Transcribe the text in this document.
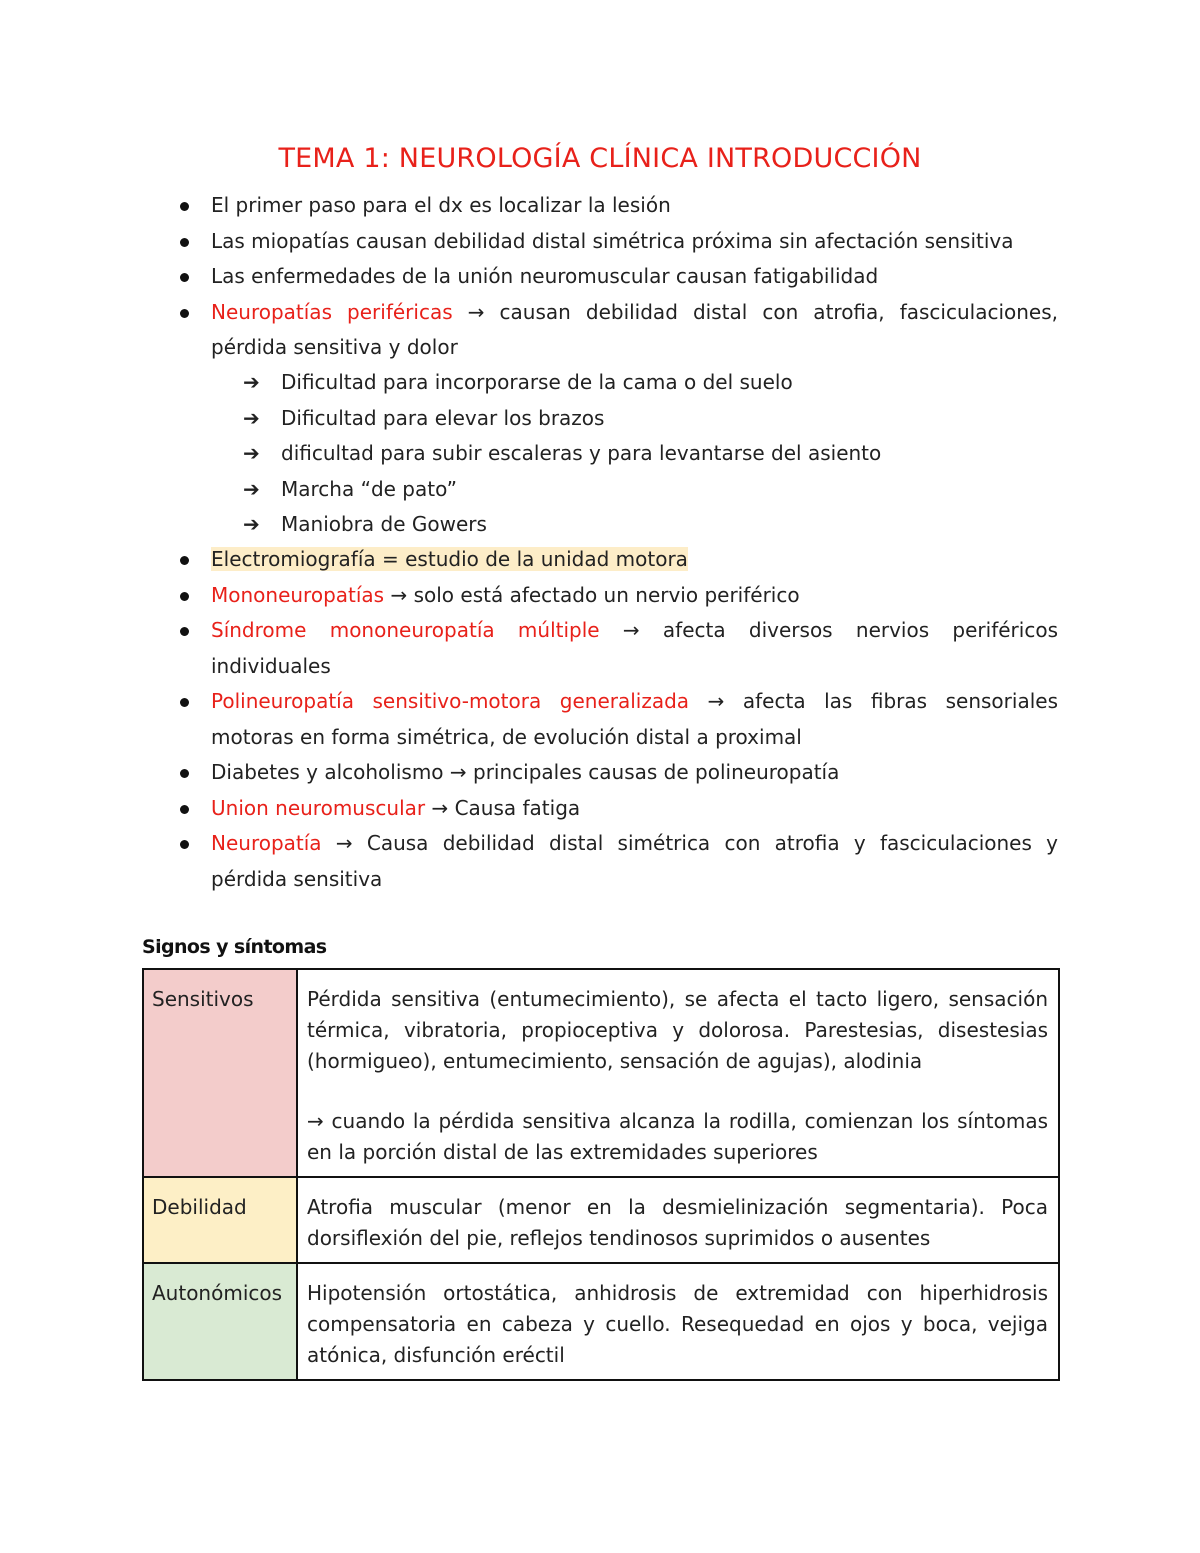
TEMA 1: NEUROLOGÍA CLÍNICA INTRODUCCIÓN
El primer paso para el dx es localizar la lesión
Las miopatías causan debilidad distal simétrica próxima sin afectación sensitiva
Las enfermedades de la unión neuromuscular causan fatigabilidad
Neuropatías periféricas → causan debilidad distal con atrofia, fasciculaciones, pérdida sensitiva y dolor
➔ Dificultad para incorporarse de la cama o del suelo
➔ Dificultad para elevar los brazos
➔ dificultad para subir escaleras y para levantarse del asiento
➔ Marcha “de pato”
➔ Maniobra de Gowers
Electromiografía = estudio de la unidad motora
Mononeuropatías → solo está afectado un nervio periférico
Síndrome mononeuropatía múltiple → afecta diversos nervios periféricos individuales
Polineuropatía sensitivo-motora generalizada → afecta las fibras sensoriales motoras en forma simétrica, de evolución distal a proximal
Diabetes y alcoholismo → principales causas de polineuropatía
Union neuromuscular → Causa fatiga
Neuropatía → Causa debilidad distal simétrica con atrofia y fasciculaciones y pérdida sensitiva
Signos y síntomas
Sensitivos	Pérdida sensitiva (entumecimiento), se afecta el tacto ligero, sensación térmica, vibratoria, propioceptiva y dolorosa. Parestesias, disestesias (hormigueo), entumecimiento, sensación de agujas), alodinia

→ cuando la pérdida sensitiva alcanza la rodilla, comienzan los síntomas en la porción distal de las extremidades superiores

Debilidad	Atrofia muscular (menor en la desmielinización segmentaria). Poca dorsiflexión del pie, reflejos tendinosos suprimidos o ausentes
Autonómicos	Hipotensión ortostática, anhidrosis de extremidad con hiperhidrosis compensatoria en cabeza y cuello. Resequedad en ojos y boca, vejiga atónica, disfunción eréctil
